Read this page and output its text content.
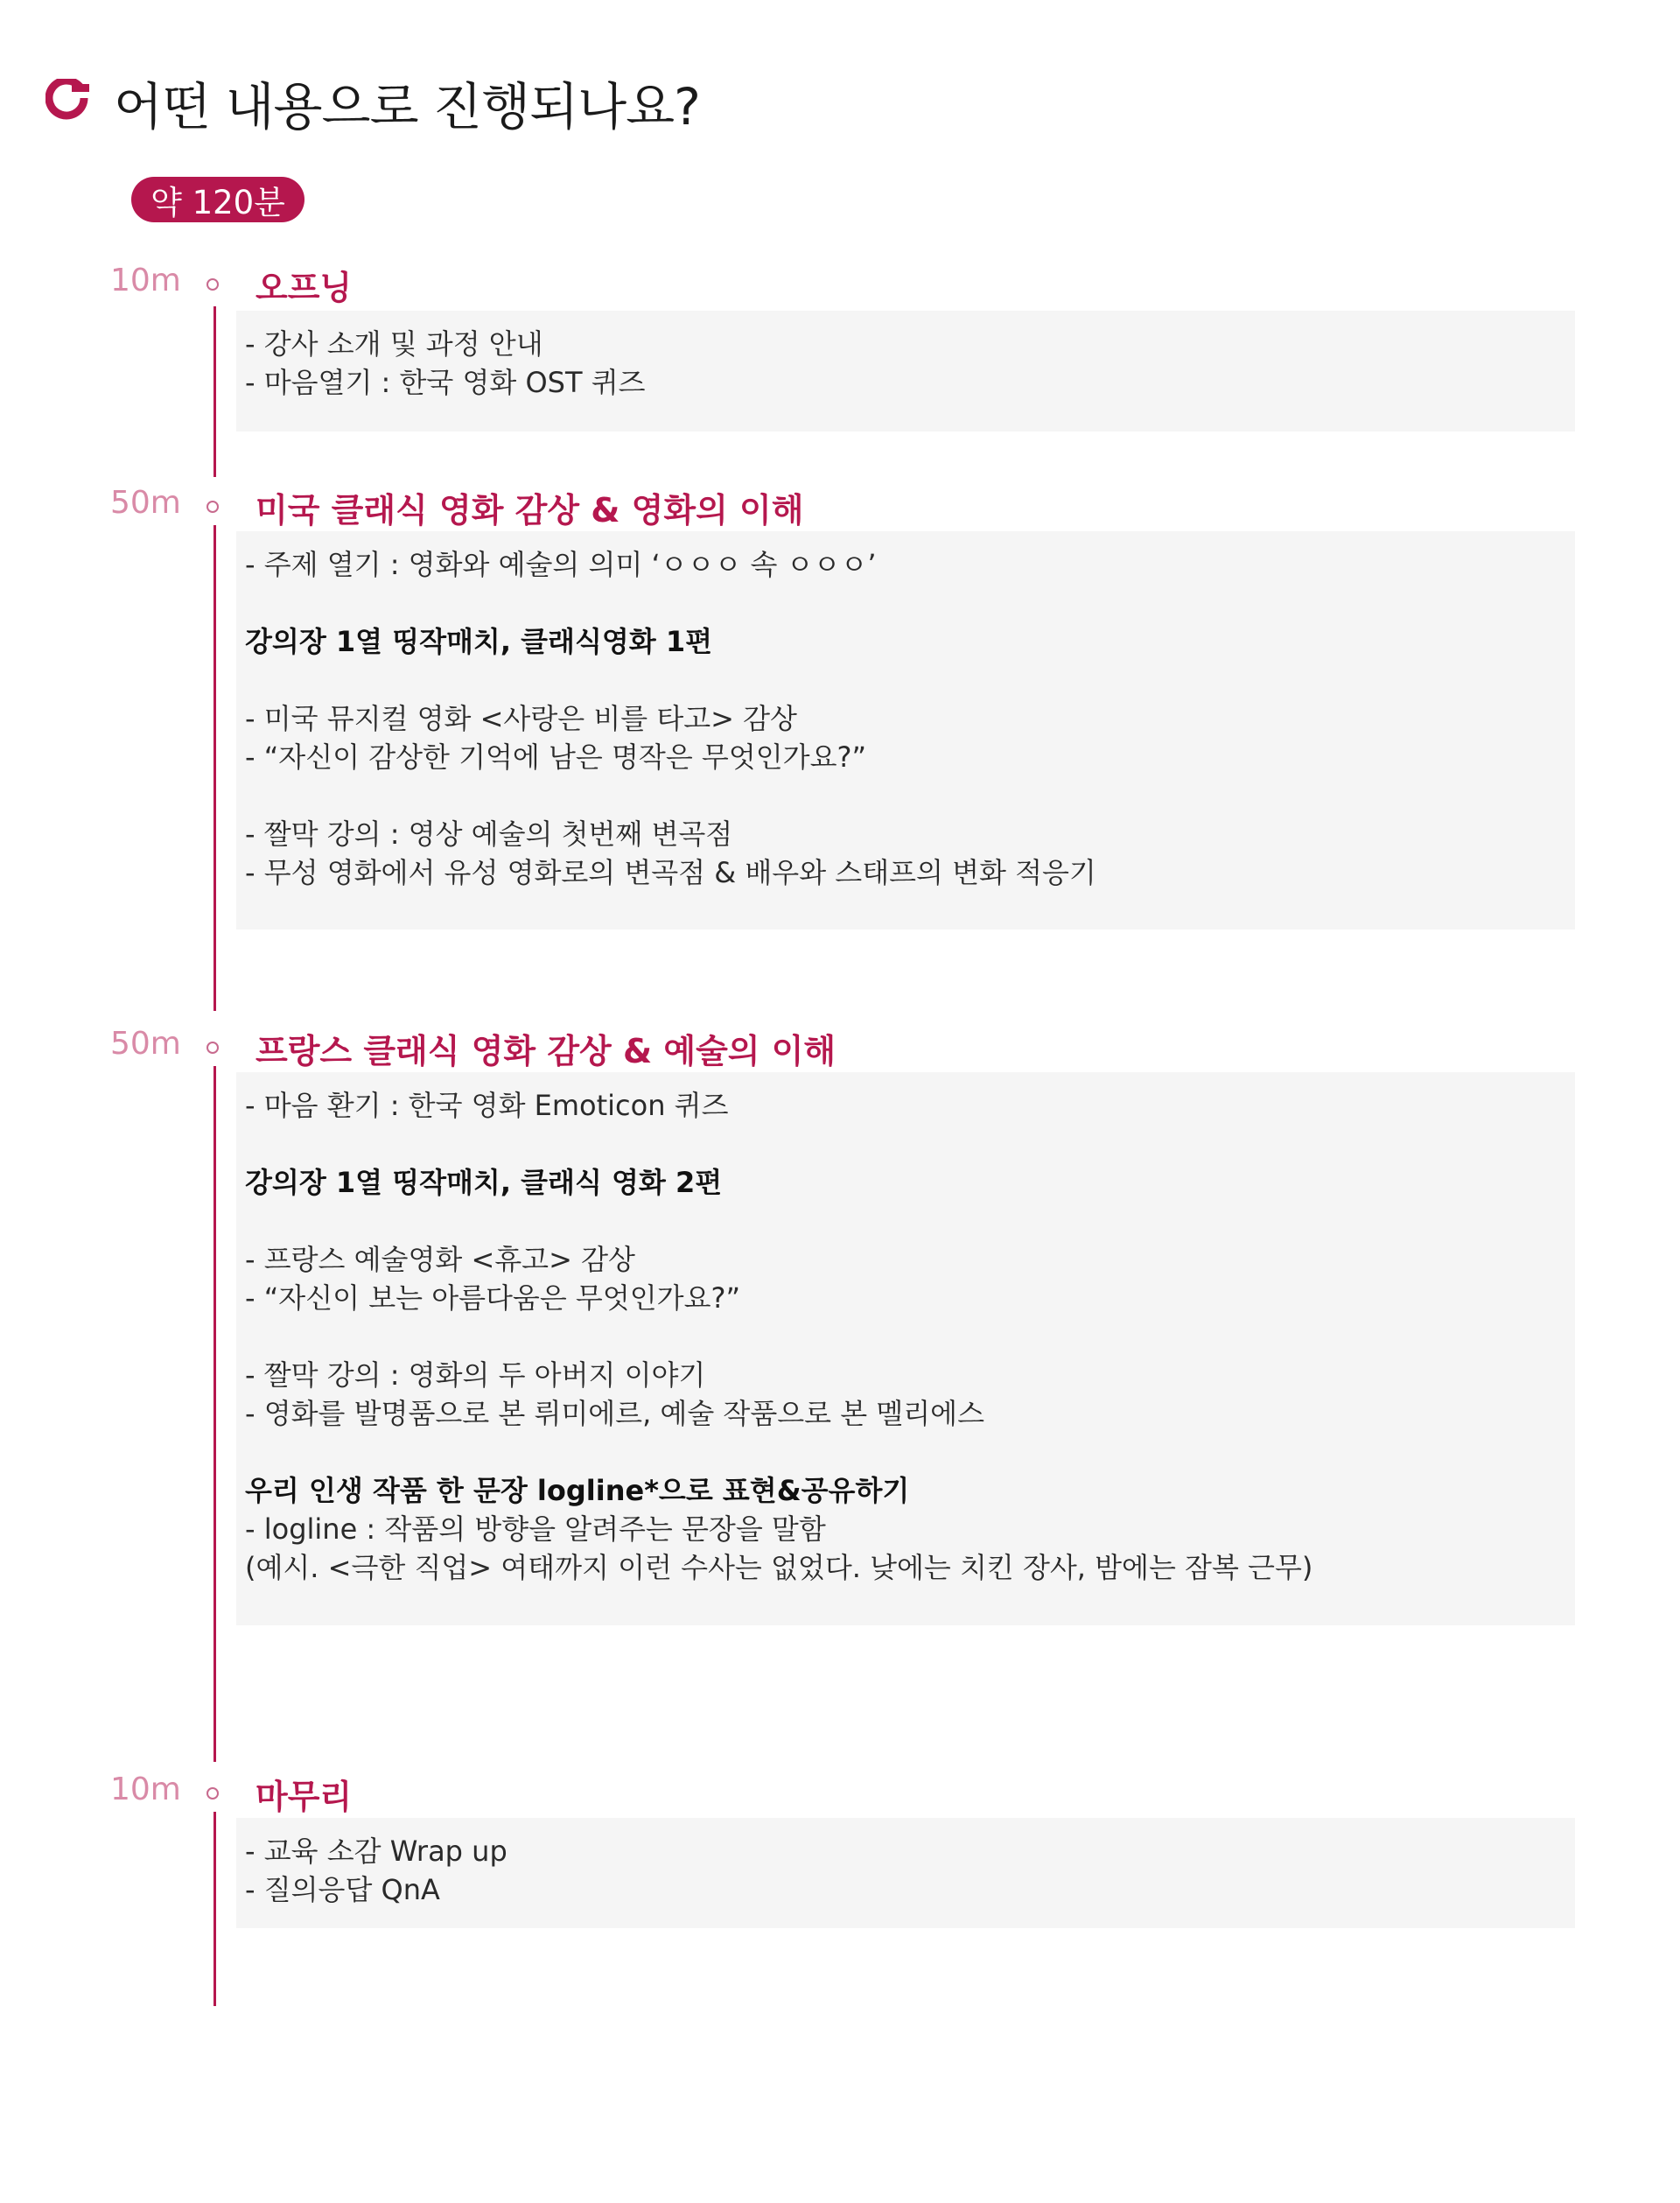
어떤 내용으로 진행되나요?
약 120분
10m	오프닝
- 강사 소개 및 과정 안내
- 마음열기 : 한국 영화 OST 퀴즈
50m	미국 클래식 영화 감상 & 영화의 이해
- 주제 열기 : 영화와 예술의 의미 ‘ㅇㅇㅇ 속 ㅇㅇㅇ’
강의장 1열 띵작매치, 클래식영화 1편
- 미국 뮤지컬 영화 <사랑은 비를 타고> 감상
- “자신이 감상한 기억에 남은 명작은 무엇인가요?”
- 짤막 강의 : 영상 예술의 첫번째 변곡점
- 무성 영화에서 유성 영화로의 변곡점 & 배우와 스태프의 변화 적응기
50m	프랑스 클래식 영화 감상 & 예술의 이해
- 마음 환기 : 한국 영화 Emoticon 퀴즈
강의장 1열 띵작매치, 클래식 영화 2편
- 프랑스 예술영화 <휴고> 감상
- “자신이 보는 아름다움은 무엇인가요?”
- 짤막 강의 : 영화의 두 아버지 이야기
- 영화를 발명품으로 본 뤼미에르, 예술 작품으로 본 멜리에스
우리 인생 작품 한 문장 logline*으로 표현&공유하기
- logline : 작품의 방향을 알려주는 문장을 말함
(예시. <극한 직업> 여태까지 이런 수사는 없었다. 낮에는 치킨 장사, 밤에는 잠복 근무)
10m	마무리
- 교육 소감 Wrap up
- 질의응답 QnA
